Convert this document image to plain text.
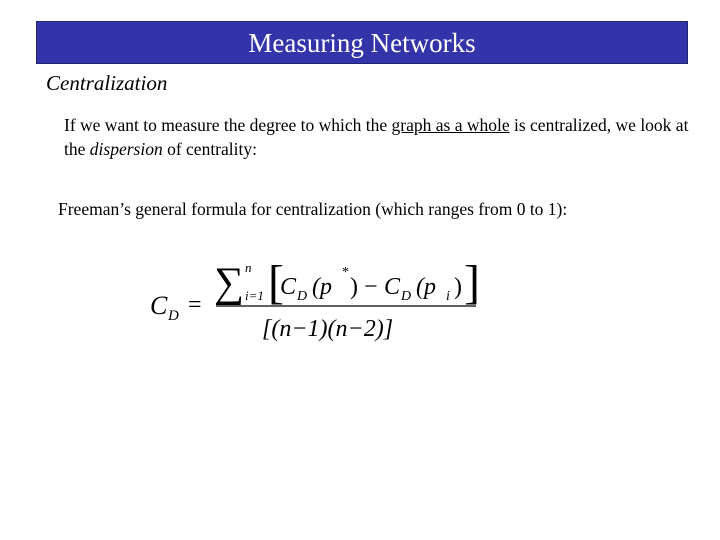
Measuring Networks
Centralization
If we want to measure the degree to which the graph as a whole is centralized, we look at the dispersion of centrality:
Freeman’s general formula for centralization (which ranges from 0 to 1):
C D = ∑ n
i=1 [
C D (p
*
) − C D (p i ) ]
[(n−1)(n−2)]
